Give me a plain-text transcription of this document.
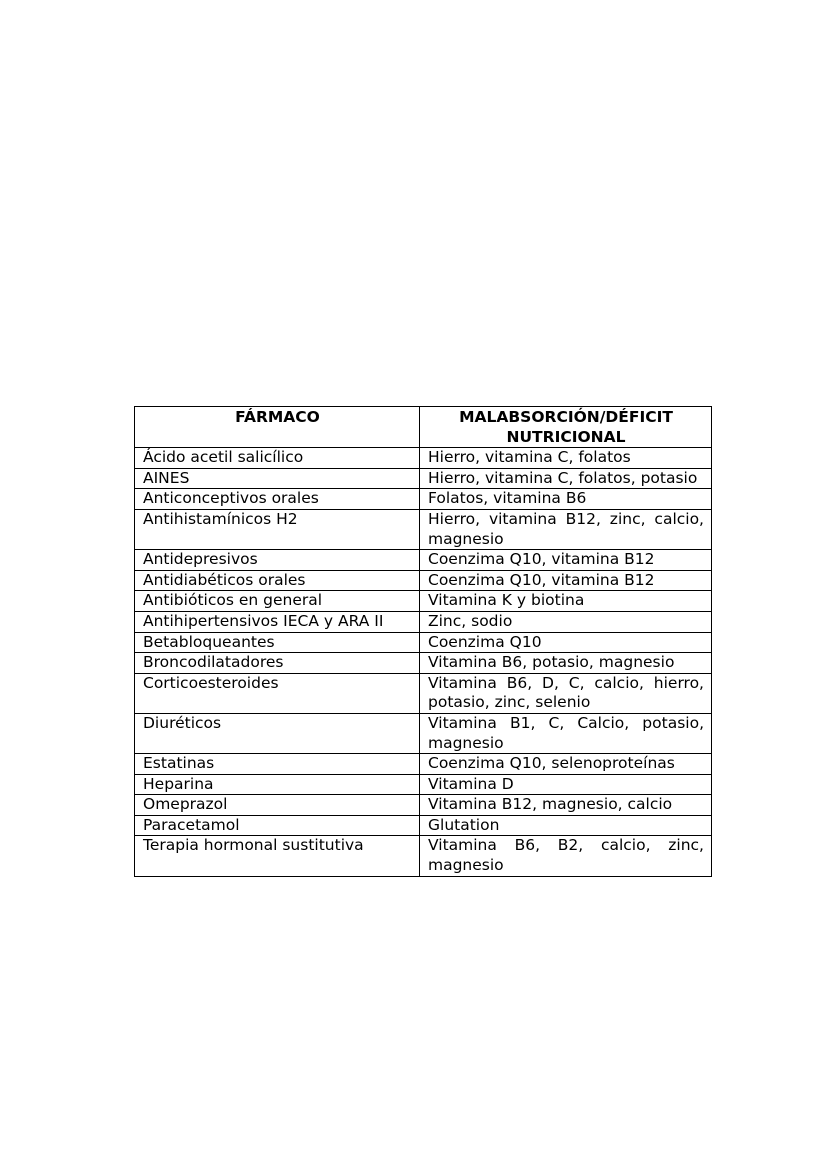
FÁRMACO	MALABSORCIÓN/DÉFICIT NUTRICIONAL
Ácido acetil salicílico	Hierro, vitamina C, folatos
AINES	Hierro, vitamina C, folatos, potasio
Anticonceptivos orales	Folatos, vitamina B6
Antihistamínicos H2	Hierro, vitamina B12, zinc, calcio, magnesio
Antidepresivos	Coenzima Q10, vitamina B12
Antidiabéticos orales	Coenzima Q10, vitamina B12
Antibióticos en general	Vitamina K y biotina
Antihipertensivos IECA y ARA II	Zinc, sodio
Betabloqueantes	Coenzima Q10
Broncodilatadores	Vitamina B6, potasio, magnesio
Corticoesteroides	Vitamina B6, D, C, calcio, hierro, potasio, zinc, selenio
Diuréticos	Vitamina B1, C, Calcio, potasio, magnesio
Estatinas	Coenzima Q10, selenoproteínas
Heparina	Vitamina D
Omeprazol	Vitamina B12, magnesio, calcio
Paracetamol	Glutation
Terapia hormonal sustitutiva	Vitamina B6, B2, calcio, zinc, magnesio
